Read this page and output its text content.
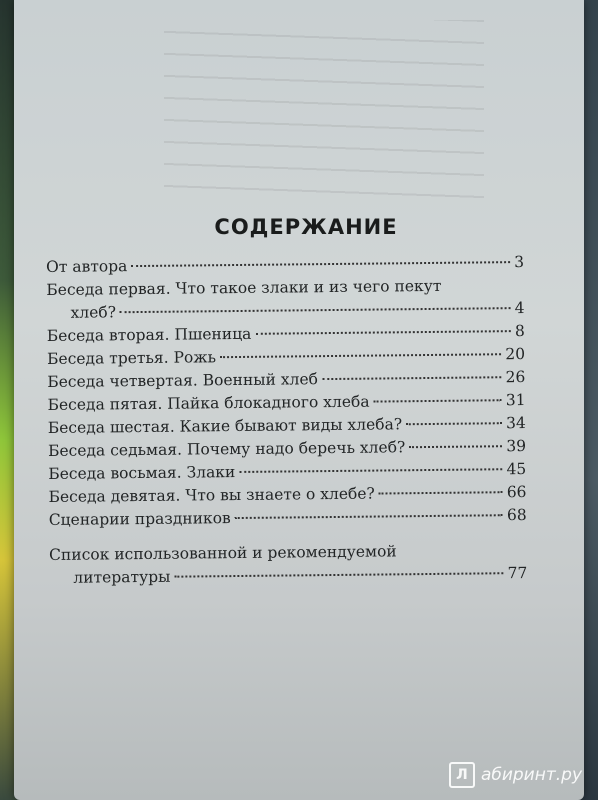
СОДЕРЖАНИЕ
От автора	3
Беседа первая. Что такое злаки и из чего пекут
хлеб?	4
Беседа вторая. Пшеница	8
Беседа третья. Рожь	20
Беседа четвертая. Военный хлеб	26
Беседа пятая. Пайка блокадного хлеба	31
Беседа шестая. Какие бывают виды хлеба?	34
Беседа седьмая. Почему надо беречь хлеб?	39
Беседа восьмая. Злаки	45
Беседа девятая. Что вы знаете о хлебе?	66
Сценарии праздников	68
Список использованной и рекомендуемой
литературы	77
Л абиринт.ру
